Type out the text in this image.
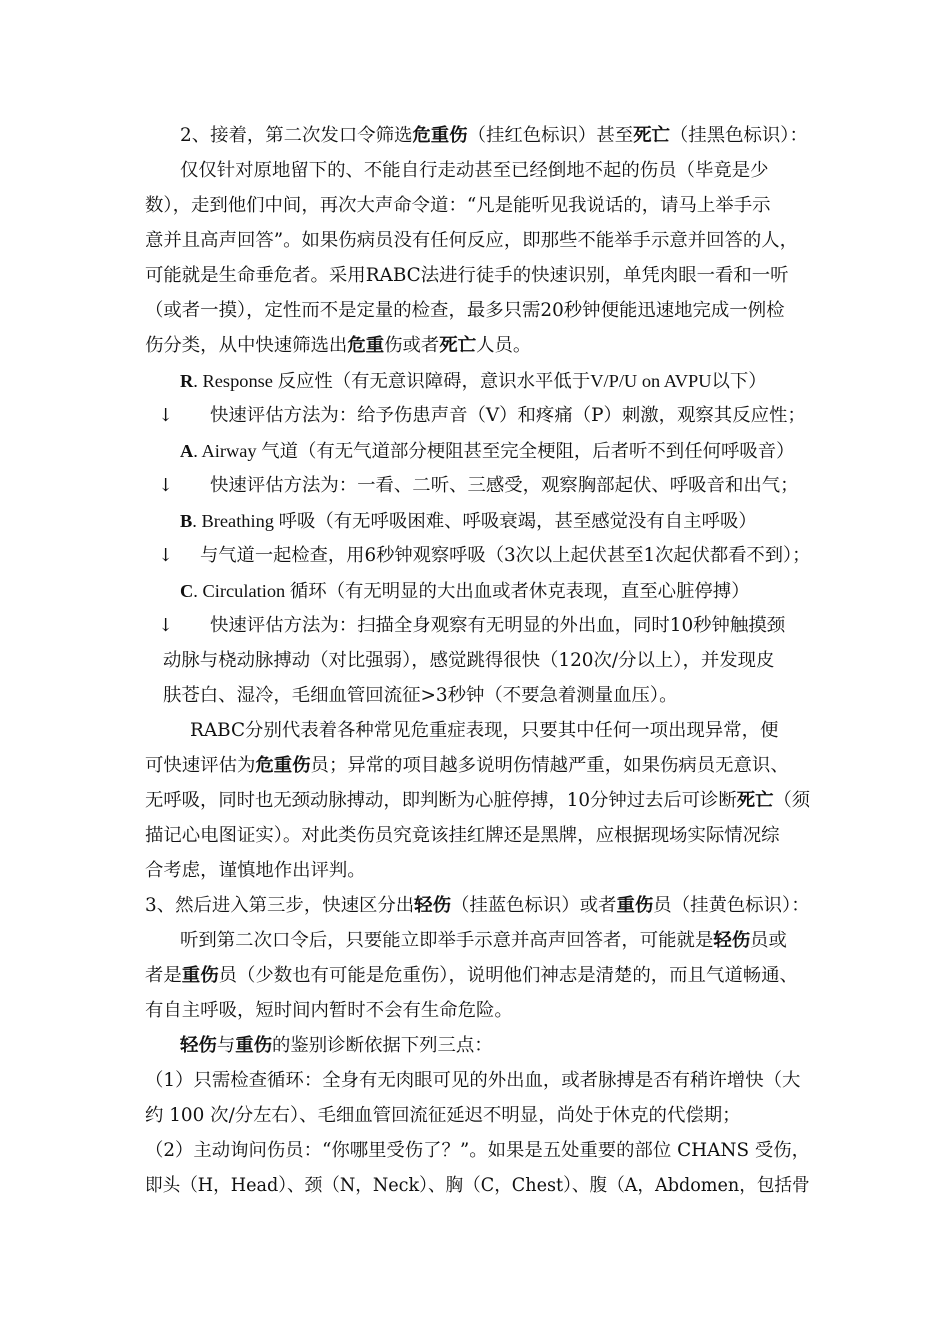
2、接着，第二次发口令筛选危重伤（挂红色标识）甚至死亡（挂黑色标识）：
仅仅针对原地留下的、不能自行走动甚至已经倒地不起的伤员（毕竟是少
数），走到他们中间，再次大声命令道：“凡是能听见我说话的，请马上举手示
意并且高声回答”。如果伤病员没有任何反应，即那些不能举手示意并回答的人，
可能就是生命垂危者。采用RABC法进行徒手的快速识别，单凭肉眼一看和一听
（或者一摸），定性而不是定量的检查，最多只需20秒钟便能迅速地完成一例检
伤分类，从中快速筛选出危重伤或者死亡人员。
R. Response 反应性（有无意识障碍，意识水平低于V/P/U on AVPU以下）
↓ 快速评估方法为：给予伤患声音（V）和疼痛（P）刺激，观察其反应性；
A. Airway 气道（有无气道部分梗阻甚至完全梗阻，后者听不到任何呼吸音）
↓ 快速评估方法为：一看、二听、三感受，观察胸部起伏、呼吸音和出气；
B. Breathing 呼吸（有无呼吸困难、呼吸衰竭，甚至感觉没有自主呼吸）
↓ 与气道一起检查，用6秒钟观察呼吸（3次以上起伏甚至1次起伏都看不到）；
C. Circulation 循环（有无明显的大出血或者休克表现，直至心脏停搏）
↓ 快速评估方法为：扫描全身观察有无明显的外出血，同时10秒钟触摸颈
动脉与桡动脉搏动（对比强弱），感觉跳得很快（120次/分以上），并发现皮
肤苍白、湿冷，毛细血管回流征>3秒钟（不要急着测量血压）。
RABC分别代表着各种常见危重症表现，只要其中任何一项出现异常，便
可快速评估为危重伤员；异常的项目越多说明伤情越严重，如果伤病员无意识、
无呼吸，同时也无颈动脉搏动，即判断为心脏停搏，10分钟过去后可诊断死亡（须
描记心电图证实）。对此类伤员究竟该挂红牌还是黑牌，应根据现场实际情况综
合考虑，谨慎地作出评判。
3、然后进入第三步，快速区分出轻伤（挂蓝色标识）或者重伤员（挂黄色标识）：
听到第二次口令后，只要能立即举手示意并高声回答者，可能就是轻伤员或
者是重伤员（少数也有可能是危重伤），说明他们神志是清楚的，而且气道畅通、
有自主呼吸，短时间内暂时不会有生命危险。
轻伤与重伤的鉴别诊断依据下列三点：
（1）只需检查循环：全身有无肉眼可见的外出血，或者脉搏是否有稍许增快（大
约 100 次/分左右）、毛细血管回流征延迟不明显，尚处于休克的代偿期；
（2）主动询问伤员：“你哪里受伤了？”。如果是五处重要的部位 CHANS 受伤，
即头（H，Head）、颈（N，Neck）、胸（C，Chest）、腹（A，Abdomen，包括骨
